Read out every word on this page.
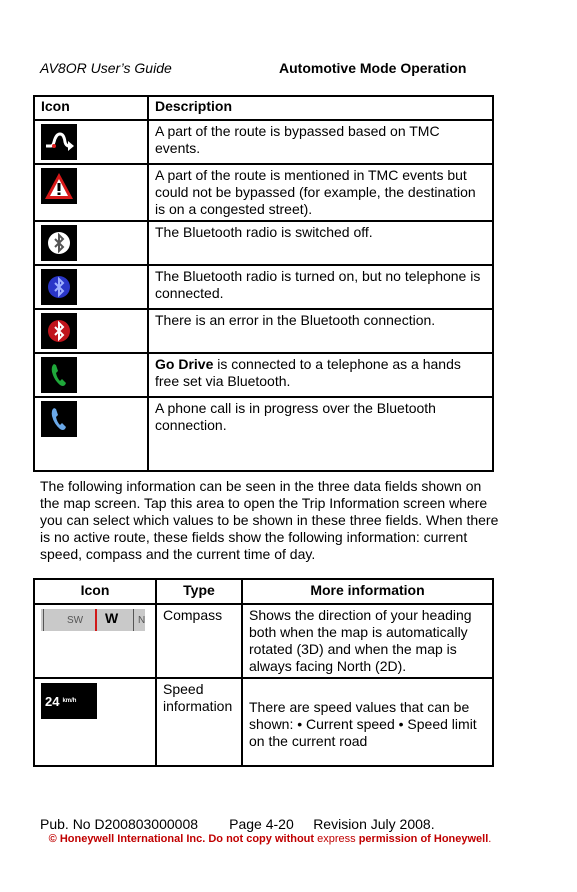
AV8OR User’s Guide	Automotive Mode Operation
Icon	Description

	A part of the route is bypassed based on TMC events.

	A part of the route is mentioned in TMC events but could not be bypassed (for example, the destination is on a congested street).

	The Bluetooth radio is switched off.

	The Bluetooth radio is turned on, but no telephone is connected.

	There is an error in the Bluetooth connection.

	Go Drive is connected to a telephone as a hands free set via Bluetooth.

	A phone call is in progress over the Bluetooth connection.
The following information can be seen in the three data fields shown on the map screen. Tap this area to open the Trip Information screen where you can select which values to be shown in these three fields. When there is no active route, these fields show the following information: current speed, compass and the current time of day.
Icon	Type	More information

SW W N	Compass	Shows the direction of your heading both when the map is automatically rotated (3D) and when the map is always facing North (2D).

24 km/h	Speed information	There are speed values that can be shown: • Current speed • Speed limit on the current road
Pub. No D200803000008        Page 4-20     Revision July 2008.
© Honeywell International Inc. Do not copy without express permission of Honeywell.
